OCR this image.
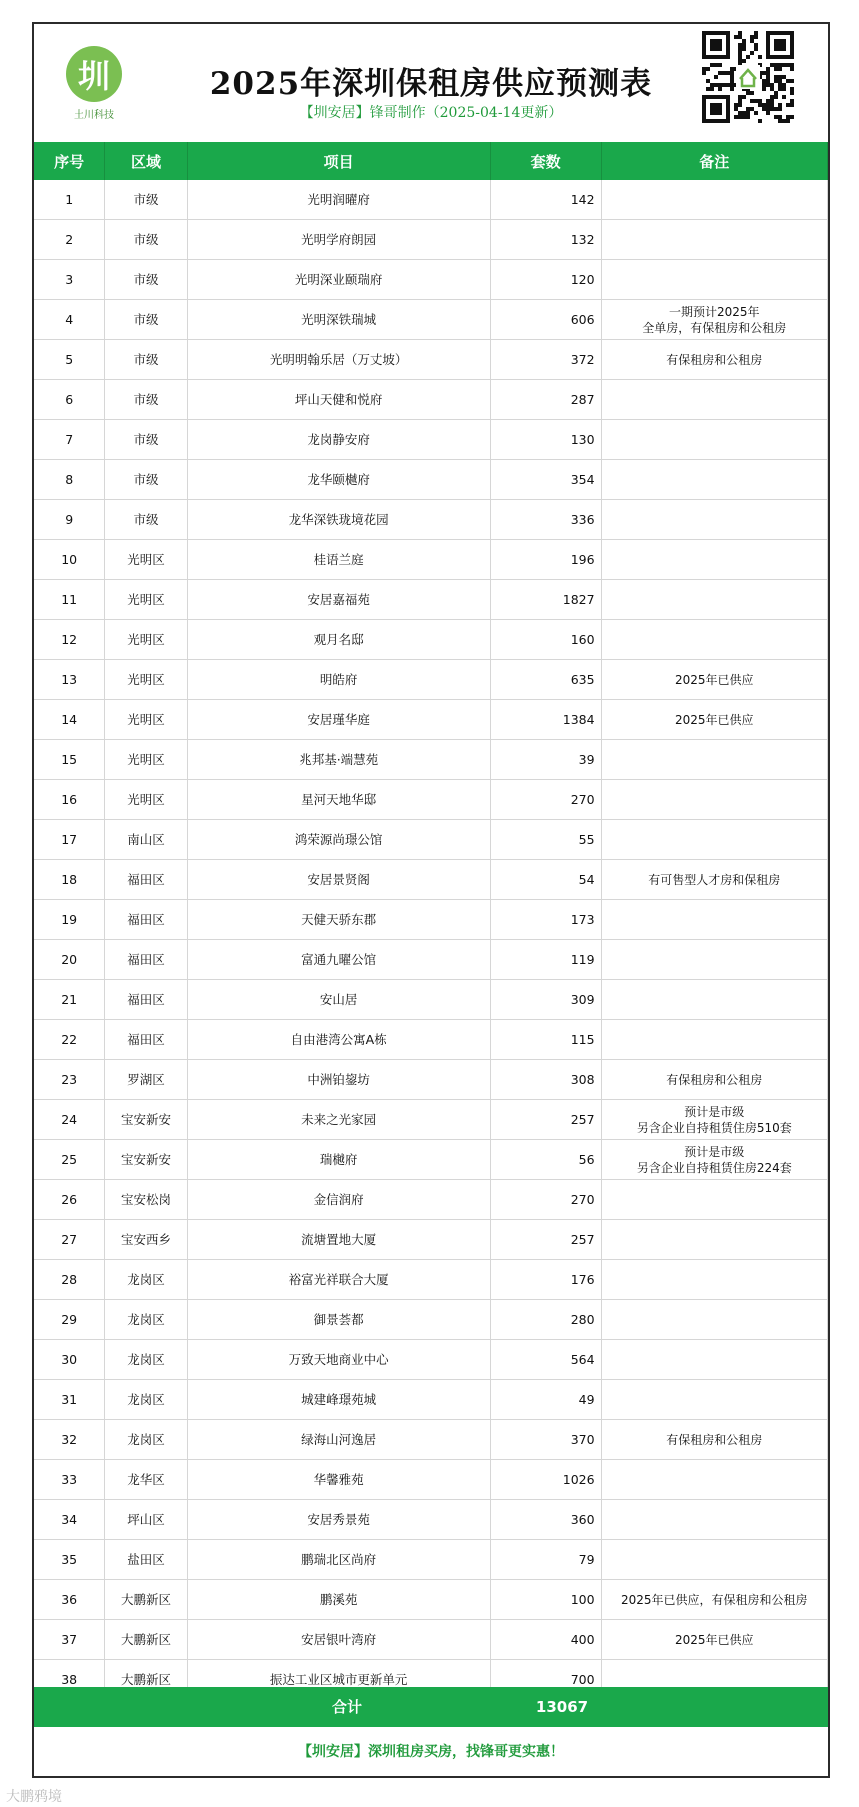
圳
土川科技
2025年深圳保租房供应预测表
【圳安居】锋哥制作（2025-04-14更新）
序号	区域	项目	套数	备注
1	市级	光明润曜府	142	
2	市级	光明学府朗园	132	
3	市级	光明深业颐瑞府	120	
4	市级	光明深铁瑞城	606	一期预计2025年
全单房，有保租房和公租房
5	市级	光明明翰乐居（万丈坡）	372	有保租房和公租房
6	市级	坪山天健和悦府	287	
7	市级	龙岗静安府	130	
8	市级	龙华颐樾府	354	
9	市级	龙华深铁珑境花园	336	
10	光明区	桂语兰庭	196	
11	光明区	安居嘉福苑	1827	
12	光明区	观月名邸	160	
13	光明区	明皓府	635	2025年已供应
14	光明区	安居瑾华庭	1384	2025年已供应
15	光明区	兆邦基·端慧苑	39	
16	光明区	星河天地华邸	270	
17	南山区	鸿荣源尚璟公馆	55	
18	福田区	安居景贤阁	54	有可售型人才房和保租房
19	福田区	天健天骄东郡	173	
20	福田区	富通九曜公馆	119	
21	福田区	安山居	309	
22	福田区	自由港湾公寓A栋	115	
23	罗湖区	中洲铂鋆坊	308	有保租房和公租房
24	宝安新安	未来之光家园	257	预计是市级
另含企业自持租赁住房510套
25	宝安新安	瑞樾府	56	预计是市级
另含企业自持租赁住房224套
26	宝安松岗	金信润府	270	
27	宝安西乡	流塘置地大厦	257	
28	龙岗区	裕富光祥联合大厦	176	
29	龙岗区	御景荟都	280	
30	龙岗区	万致天地商业中心	564	
31	龙岗区	城建峰璟苑城	49	
32	龙岗区	绿海山河逸居	370	有保租房和公租房
33	龙华区	华馨雅苑	1026	
34	坪山区	安居秀景苑	360	
35	盐田区	鹏瑞北区尚府	79	
36	大鹏新区	鹏溪苑	100	2025年已供应，有保租房和公租房
37	大鹏新区	安居银叶湾府	400	2025年已供应
38	大鹏新区	振达工业区城市更新单元	700	
合计	13067
【圳安居】深圳租房买房，找锋哥更实惠！
大鹏鸦境
